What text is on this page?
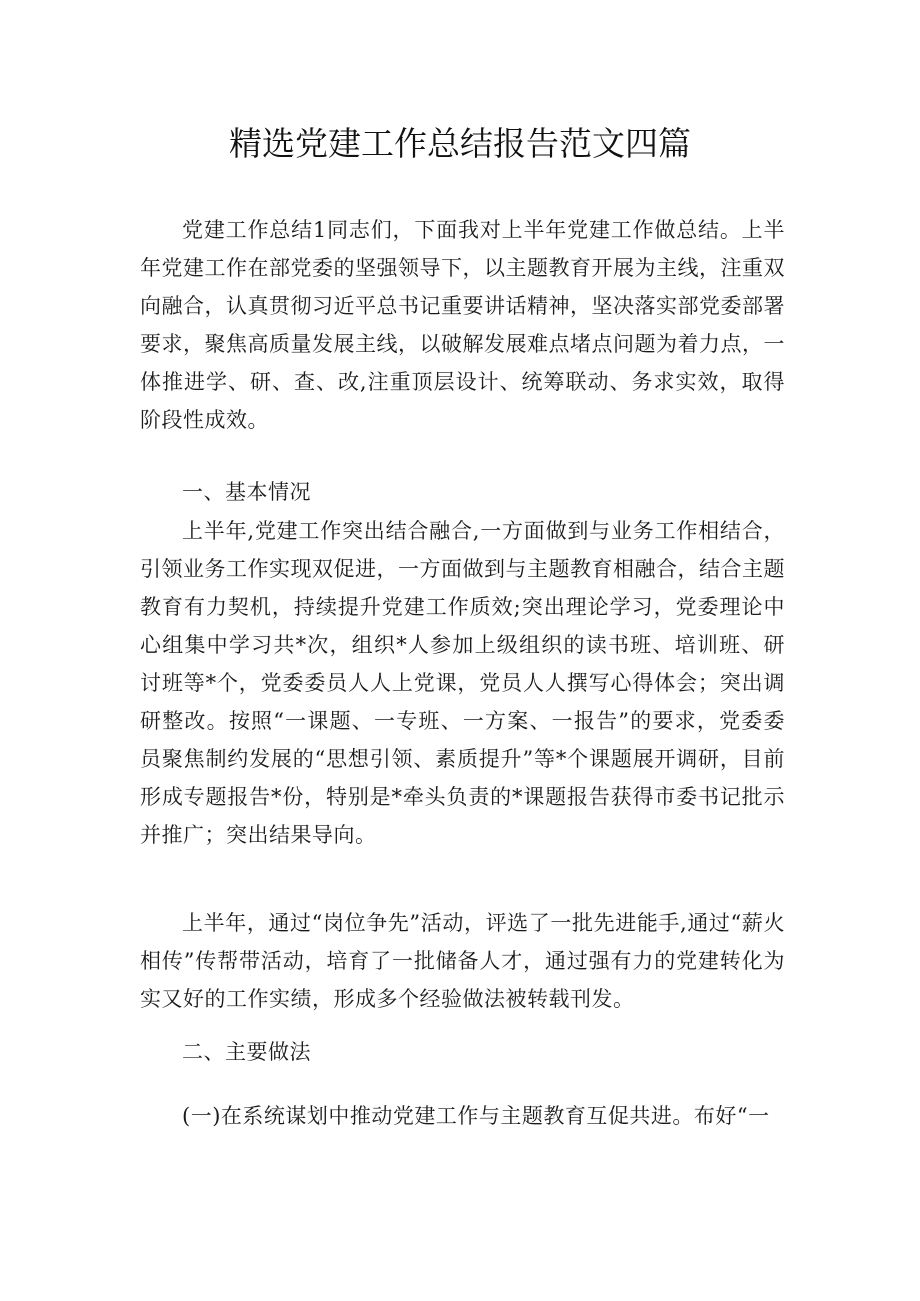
精选党建工作总结报告范文四篇

党建工作总结1同志们，下面我对上半年党建工作做总结。上半年党建工作在部党委的坚强领导下，以主题教育开展为主线，注重双向融合，认真贯彻习近平总书记重要讲话精神，坚决落实部党委部署要求，聚焦高质量发展主线，以破解发展难点堵点问题为着力点，一体推进学、研、查、改,注重顶层设计、统筹联动、务求实效，取得阶段性成效。

一、基本情况

上半年,党建工作突出结合融合,一方面做到与业务工作相结合，引领业务工作实现双促进，一方面做到与主题教育相融合，结合主题教育有力契机，持续提升党建工作质效;突出理论学习，党委理论中心组集中学习共*次，组织*人参加上级组织的读书班、培训班、研讨班等*个，党委委员人人上党课，党员人人撰写心得体会；突出调研整改。按照“一课题、一专班、一方案、一报告”的要求，党委委员聚焦制约发展的“思想引领、素质提升”等*个课题展开调研，目前形成专题报告*份，特别是*牵头负责的*课题报告获得市委书记批示并推广；突出结果导向。

上半年，通过“岗位争先”活动，评选了一批先进能手,通过“薪火相传”传帮带活动，培育了一批储备人才，通过强有力的党建转化为实又好的工作实绩，形成多个经验做法被转载刊发。

二、主要做法

(一)在系统谋划中推动党建工作与主题教育互促共进。布好“一
